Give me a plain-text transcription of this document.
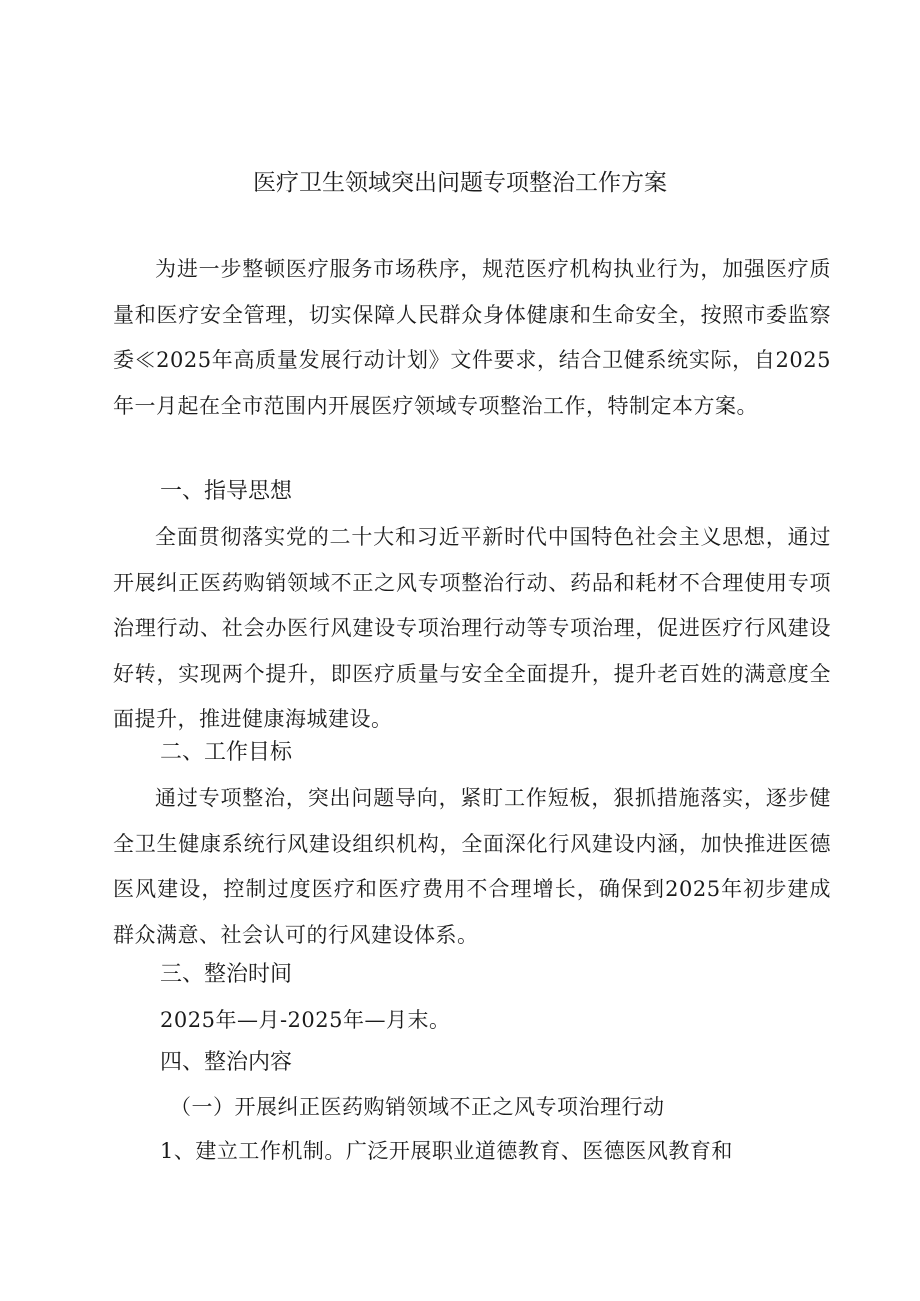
医疗卫生领域突出问题专项整治工作方案

为进一步整顿医疗服务市场秩序，规范医疗机构执业行为，加强医疗质量和医疗安全管理，切实保障人民群众身体健康和生命安全，按照市委监察委≪2025年高质量发展行动计划》文件要求，结合卫健系统实际，自2025年一月起在全市范围内开展医疗领域专项整治工作，特制定本方案。

一、指导思想

全面贯彻落实党的二十大和习近平新时代中国特色社会主义思想，通过开展纠正医药购销领域不正之风专项整治行动、药品和耗材不合理使用专项治理行动、社会办医行风建设专项治理行动等专项治理，促进医疗行风建设好转，实现两个提升，即医疗质量与安全全面提升，提升老百姓的满意度全面提升，推进健康海城建设。

二、工作目标

通过专项整治，突出问题导向，紧盯工作短板，狠抓措施落实，逐步健全卫生健康系统行风建设组织机构，全面深化行风建设内涵，加快推进医德医风建设，控制过度医疗和医疗费用不合理增长，确保到2025年初步建成群众满意、社会认可的行风建设体系。

三、整治时间

2025年—月-2025年—月末。

四、整治内容

（一）开展纠正医药购销领域不正之风专项治理行动

1、建立工作机制。广泛开展职业道德教育、医德医风教育和
